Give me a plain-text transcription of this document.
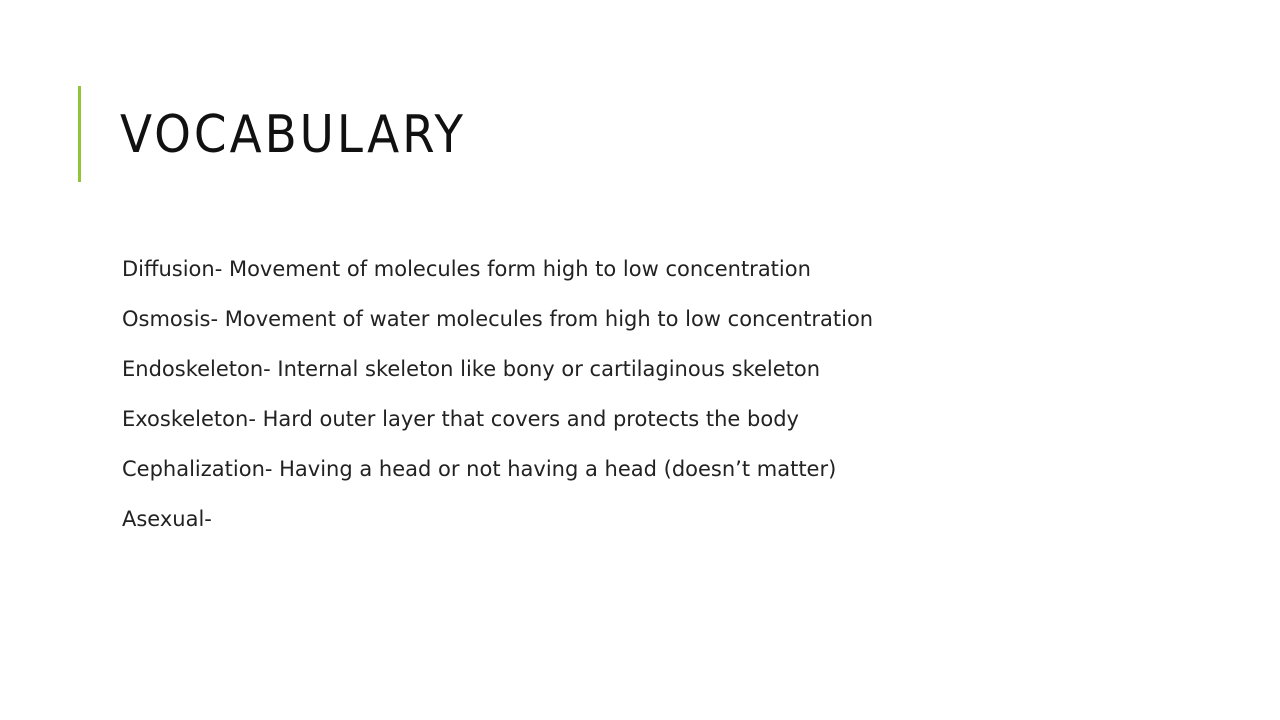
VOCABULARY
Diffusion- Movement of molecules form high to low concentration
Osmosis- Movement of water molecules from high to low concentration
Endoskeleton- Internal skeleton like bony or cartilaginous skeleton
Exoskeleton- Hard outer layer that covers and protects the body
Cephalization- Having a head or not having a head (doesn’t matter)
Asexual-
